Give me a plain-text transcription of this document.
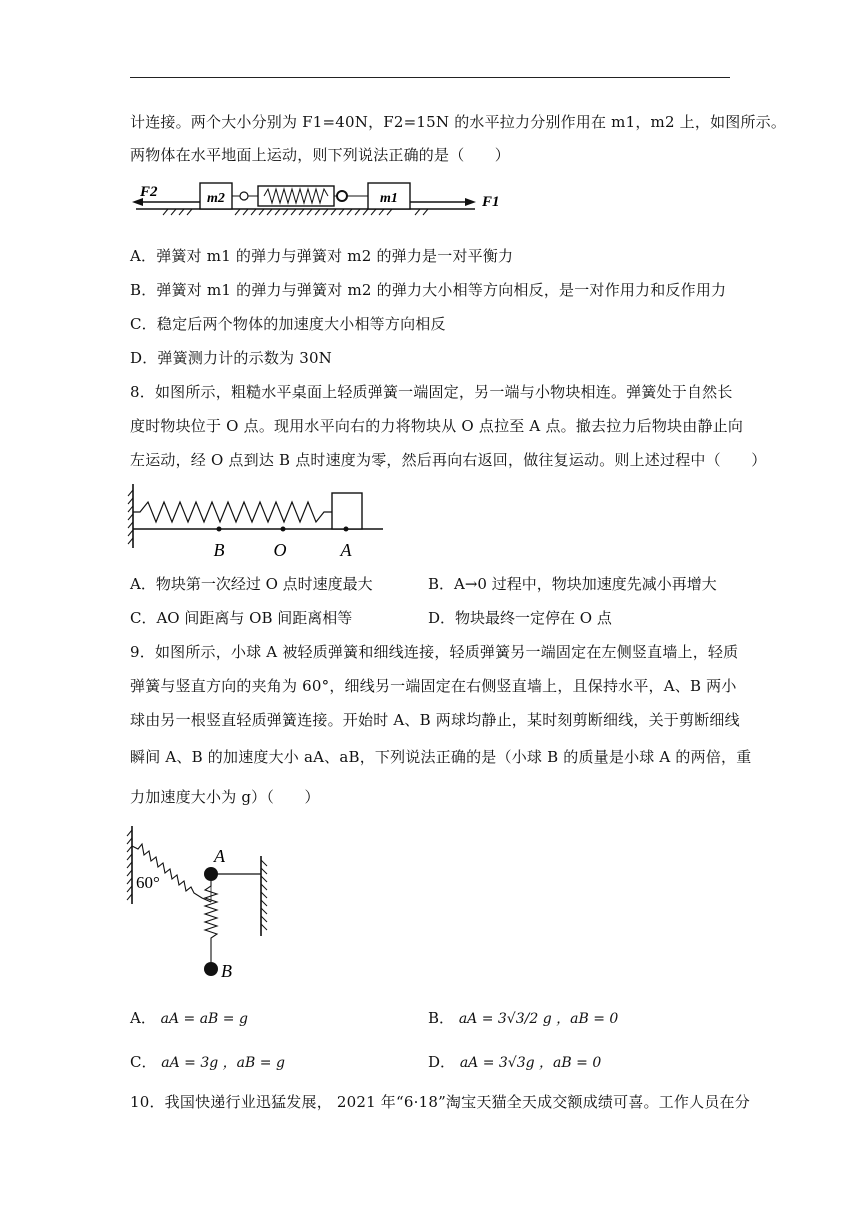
计连接。两个大小分别为 F1=40N，F2=15N 的水平拉力分别作用在 m1，m2 上，如图所示。
两物体在水平地面上运动，则下列说法正确的是（　　）
m2	m1
F2
F1
A．弹簧对 m1 的弹力与弹簧对 m2 的弹力是一对平衡力
B．弹簧对 m1 的弹力与弹簧对 m2 的弹力大小相等方向相反，是一对作用力和反作用力
C．稳定后两个物体的加速度大小相等方向相反
D．弹簧测力计的示数为 30N
8．如图所示，粗糙水平桌面上轻质弹簧一端固定，另一端与小物块相连。弹簧处于自然长
度时物块位于 O 点。现用水平向右的力将物块从 O 点拉至 A 点。撤去拉力后物块由静止向
左运动，经 O 点到达 B 点时速度为零，然后再向右返回，做往复运动。则上述过程中（　　）
B	O	A
A．物块第一次经过 O 点时速度最大	B．A→0 过程中，物块加速度先减小再增大
C．AO 间距离与 OB 间距离相等	D．物块最终一定停在 O 点
9．如图所示，小球 A 被轻质弹簧和细线连接，轻质弹簧另一端固定在左侧竖直墙上，轻质
弹簧与竖直方向的夹角为 60°，细线另一端固定在右侧竖直墙上，且保持水平，A、B 两小
球由另一根竖直轻质弹簧连接。开始时 A、B 两球均静止，某时刻剪断细线，关于剪断细线
瞬间 A、B 的加速度大小 aA、aB，下列说法正确的是（小球 B 的质量是小球 A 的两倍，重
力加速度大小为 g）（　　）
60°
A
B
A． aA = aB = g	B． aA = 3√3/2 g ，aB = 0
C． aA = 3g ，aB = g	D． aA = 3√3g ，aB = 0
10．我国快递行业迅猛发展， 2021 年“6·18”淘宝天猫全天成交额成绩可喜。工作人员在分
